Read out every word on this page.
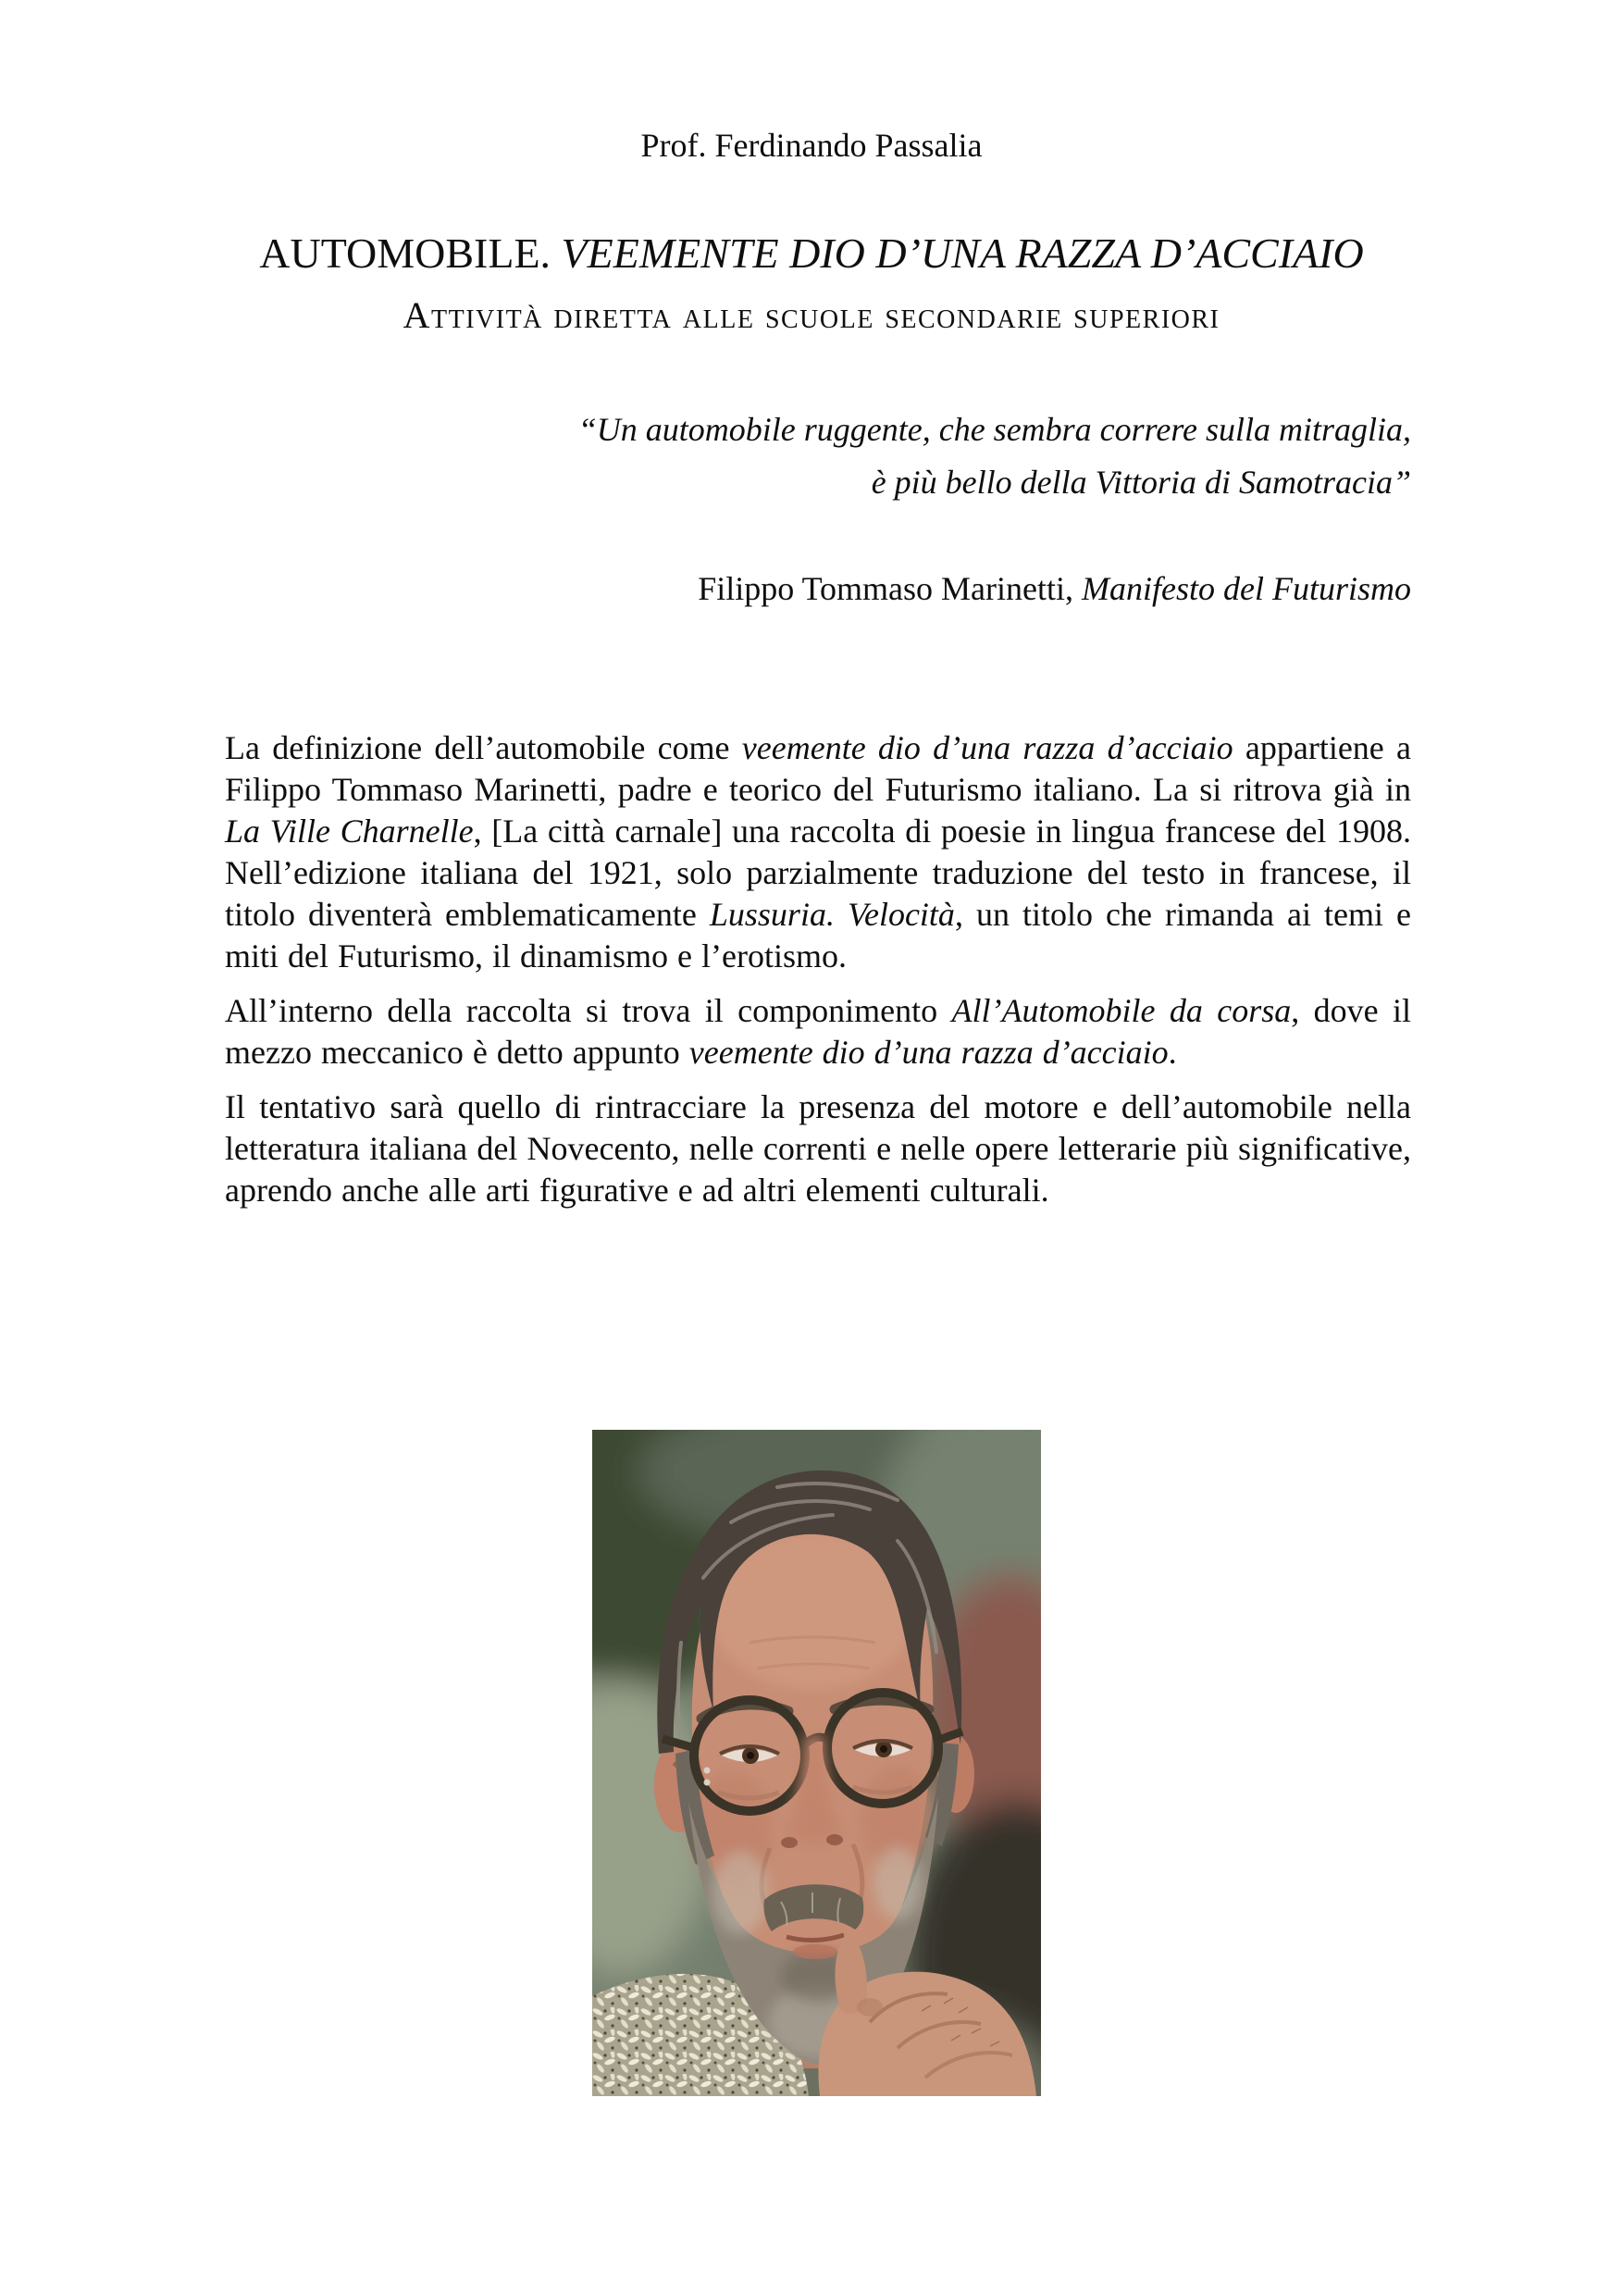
Prof. Ferdinando Passalia
AUTOMOBILE. VEEMENTE DIO D’UNA RAZZA D’ACCIAIO
Attività diretta alle scuole secondarie superiori
“Un automobile ruggente, che sembra correre sulla mitraglia,
è più bello della Vittoria di Samotracia”
Filippo Tommaso Marinetti, Manifesto del Futurismo

La definizione dell’automobile come veemente dio d’una razza d’acciaio appartiene a Filippo Tommaso Marinetti, padre e teorico del Futurismo italiano. La si ritrova già in La Ville Charnelle, [La città carnale] una raccolta di poesie in lingua francese del 1908. Nell’edizione italiana del 1921, solo parzialmente traduzione del testo in francese, il titolo diventerà emblematicamente Lussuria. Velocità, un titolo che rimanda ai temi e miti del Futurismo, il dinamismo e l’erotismo.

All’interno della raccolta si trova il componimento All’Automobile da corsa, dove il mezzo meccanico è detto appunto veemente dio d’una razza d’acciaio.

Il tentativo sarà quello di rintracciare la presenza del motore e dell’automobile nella letteratura italiana del Novecento, nelle correnti e nelle opere letterarie più significative, aprendo anche alle arti figurative e ad altri elementi culturali.
